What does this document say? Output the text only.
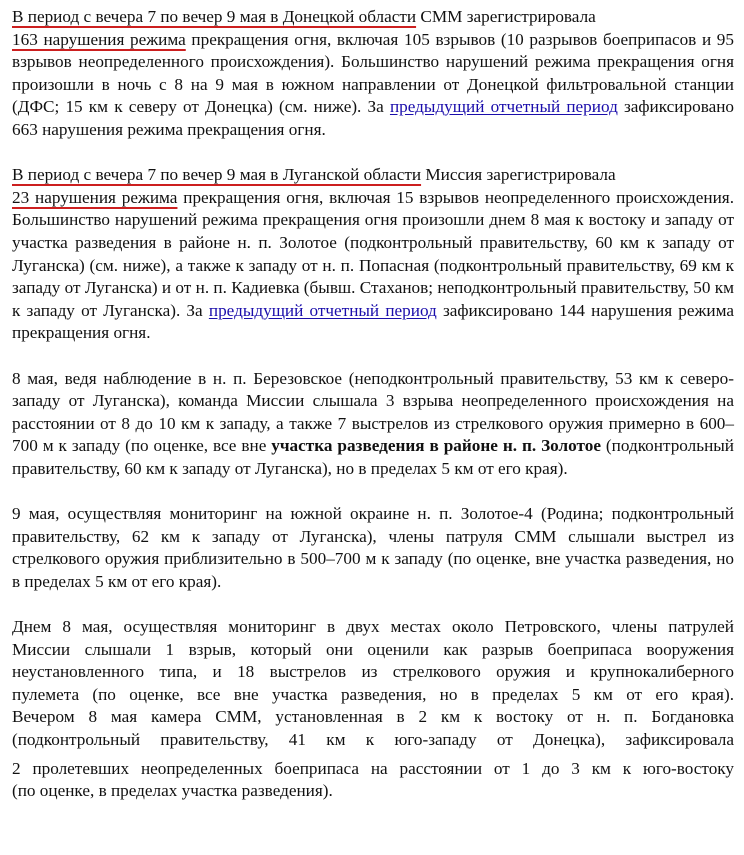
В период с вечера 7 по вечер 9 мая в Донецкой области СММ зарегистрировала
163 нарушения режима прекращения огня, включая 105 взрывов (10 разрывов боеприпасов и 95 взрывов неопределенного происхождения). Большинство нарушений режима прекращения огня произошли в ночь с 8 на 9 мая в южном направлении от Донецкой фильтровальной станции (ДФС; 15 км к северу от Донецка) (см. ниже). За предыдущий отчетный период зафиксировано 663 нарушения режима прекращения огня.

В период с вечера 7 по вечер 9 мая в Луганской области Миссия зарегистрировала
23 нарушения режима прекращения огня, включая 15 взрывов неопределенного происхождения. Большинство нарушений режима прекращения огня произошли днем 8 мая к востоку и западу от участка разведения в районе н. п. Золотое (подконтрольный правительству, 60 км к западу от Луганска) (см. ниже), а также к западу от н. п. Попасная (подконтрольный правительству, 69 км к западу от Луганска) и от н. п. Кадиевка (бывш. Стаханов; неподконтрольный правительству, 50 км к западу от Луганска). За предыдущий отчетный период зафиксировано 144 нарушения режима прекращения огня.

8 мая, ведя наблюдение в н. п. Березовское (неподконтрольный правительству, 53 км к северо-западу от Луганска), команда Миссии слышала 3 взрыва неопределенного происхождения на расстоянии от 8 до 10 км к западу, а также 7 выстрелов из стрелкового оружия примерно в 600–700 м к западу (по оценке, все вне участка разведения в районе н. п. Золотое (подконтрольный правительству, 60 км к западу от Луганска), но в пределах 5 км от его края).

9 мая, осуществляя мониторинг на южной окраине н. п. Золотое-4 (Родина; подконтрольный правительству, 62 км к западу от Луганска), члены патруля СММ слышали выстрел из стрелкового оружия приблизительно в 500–700 м к западу (по оценке, вне участка разведения, но в пределах 5 км от его края).

Днем 8 мая, осуществляя мониторинг в двух местах около Петровского, члены патрулей
Миссии слышали 1 взрыв, который они оценили как разрыв боеприпаса вооружения
неустановленного типа, и 18 выстрелов из стрелкового оружия и крупнокалиберного
пулемета (по оценке, все вне участка разведения, но в пределах 5 км от его края).
Вечером 8 мая камера СММ, установленная в 2 км к востоку от н. п. Богдановка
(подконтрольный правительству, 41 км к юго-западу от Донецка), зафиксировала
2 пролетевших неопределенных боеприпаса на расстоянии от 1 до 3 км к юго-востоку
(по оценке, в пределах участка разведения).
